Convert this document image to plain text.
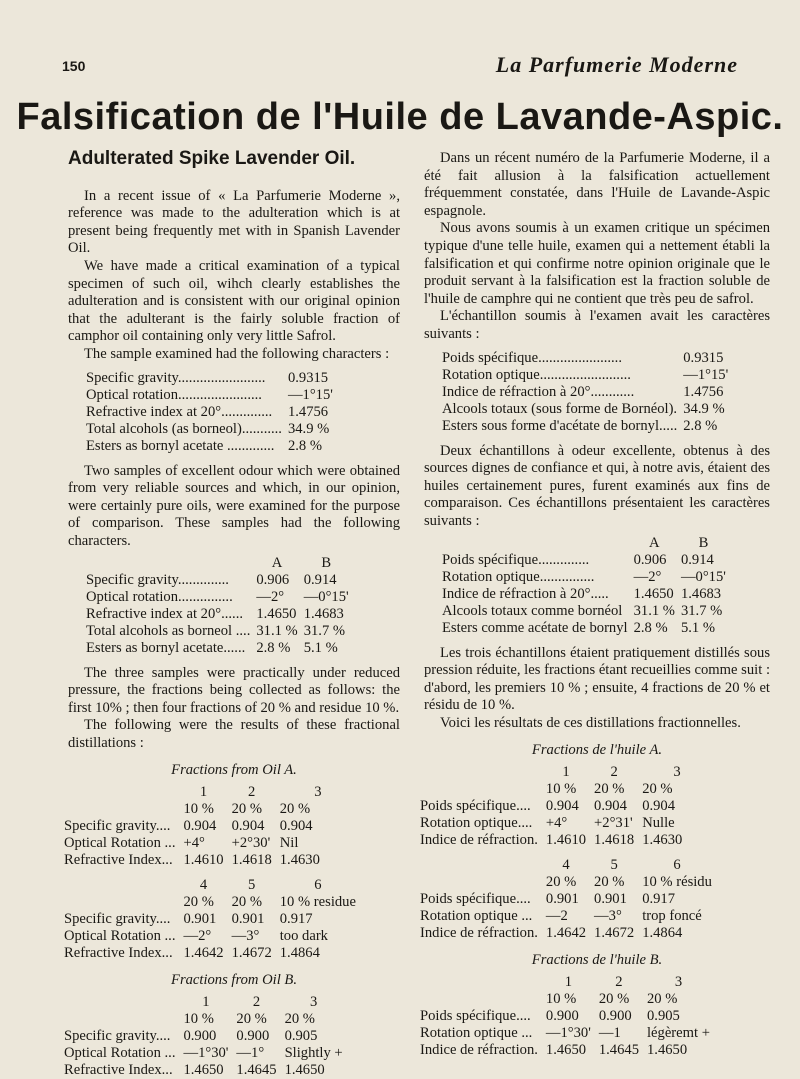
150	La Parfumerie Moderne
Falsification de l'Huile de Lavande-Aspic.
Adulterated Spike Lavender Oil.

In a recent issue of « La Parfumerie Moderne », reference was made to the adulteration which is at present being frequently met with in Spanish Lavender Oil.

We have made a critical examination of a typical specimen of such oil, wihch clearly establishes the adulteration and is consistent with our original opinion that the adulterant is the fairly soluble fraction of camphor oil containing only very little Safrol.

The sample examined had the following characters :

Specific gravity........................	0.9315
Optical rotation.......................	—1°15'
Refractive index at 20°..............	1.4756
Total alcohols (as borneol)...........	34.9 %
Esters as bornyl acetate .............	2.8 %

Two samples of excellent odour which were obtained from very reliable sources and which, in our opinion, were certainly pure oils, were examined for the purpose of comparison. These samples had the following characters.

	A	B
Specific gravity..............	0.906	0.914
Optical rotation...............	—2°	—0°15'
Refractive index at 20°......	1.4650	1.4683
Total alcohols as borneol ....	31.1 %	31.7 %
Esters as bornyl acetate......	2.8 %	5.1 %

The three samples were practically under reduced pressure, the fractions being collected as follows: the first 10% ; then four fractions of 20 % and residue 10 %.

The following were the results of these fractional distillations :

Fractions from Oil A.
	1	2	3
	10 %	20 %	20 %
Specific gravity....	0.904	0.904	0.904
Optical Rotation ...	+4°	+2°30'	Nil
Refractive Index...	1.4610	1.4618	1.4630

	4	5	6
	20 %	20 %	10 % residue
Specific gravity....	0.901	0.901	0.917
Optical Rotation ...	—2°	—3°	too dark
Refractive Index...	1.4642	1.4672	1.4864
Fractions from Oil B.
	1	2	3
	10 %	20 %	20 %
Specific gravity....	0.900	0.900	0.905
Optical Rotation ...	—1°30'	—1°	Slightly +
Refractive Index...	1.4650	1.4645	1.4650

Dans un récent numéro de la Parfumerie Moderne, il a été fait allusion à la falsification actuellement fréquemment constatée, dans l'Huile de Lavande-Aspic espagnole.

Nous avons soumis à un examen critique un spécimen typique d'une telle huile, examen qui a nettement établi la falsification et qui confirme notre opinion originale que le produit servant à la falsification est la fraction soluble de l'huile de camphre qui ne contient que très peu de safrol.

L'échantillon soumis à l'examen avait les caractères suivants :

Poids spécifique.......................	0.9315
Rotation optique.........................	—1°15'
Indice de réfraction à 20°............	1.4756
Alcools totaux (sous forme de Bornéol).	34.9 %
Esters sous forme d'acétate de bornyl.....	2.8 %

Deux échantillons à odeur excellente, obtenus à des sources dignes de confiance et qui, à notre avis, étaient des huiles certainement pures, furent examinés aux fins de comparaison. Ces échantillons présentaient les caractères suivants :

	A	B
Poids spécifique..............	0.906	0.914
Rotation optique...............	—2°	—0°15'
Indice de réfraction à 20°.....	1.4650	1.4683
Alcools totaux comme bornéol	31.1 %	31.7 %
Esters comme acétate de bornyl	2.8 %	5.1 %

Les trois échantillons étaient pratiquement distillés sous pression réduite, les fractions étant recueillies comme suit : d'abord, les premiers 10 % ; ensuite, 4 fractions de 20 % et résidu de 10 %.

Voici les résultats de ces distillations fractionnelles.

Fractions de l'huile A.
	1	2	3
	10 %	20 %	20 %
Poids spécifique....	0.904	0.904	0.904
Rotation optique....	+4°	+2°31'	Nulle
Indice de réfraction.	1.4610	1.4618	1.4630

	4	5	6
	20 %	20 %	10 % résidu
Poids spécifique....	0.901	0.901	0.917
Rotation optique ...	—2	—3°	trop foncé
Indice de réfraction.	1.4642	1.4672	1.4864
Fractions de l'huile B.
	1	2	3
	10 %	20 %	20 %
Poids spécifique....	0.900	0.900	0.905
Rotation optique ...	—1°30'	—1	légèremt +
Indice de réfraction.	1.4650	1.4645	1.4650
